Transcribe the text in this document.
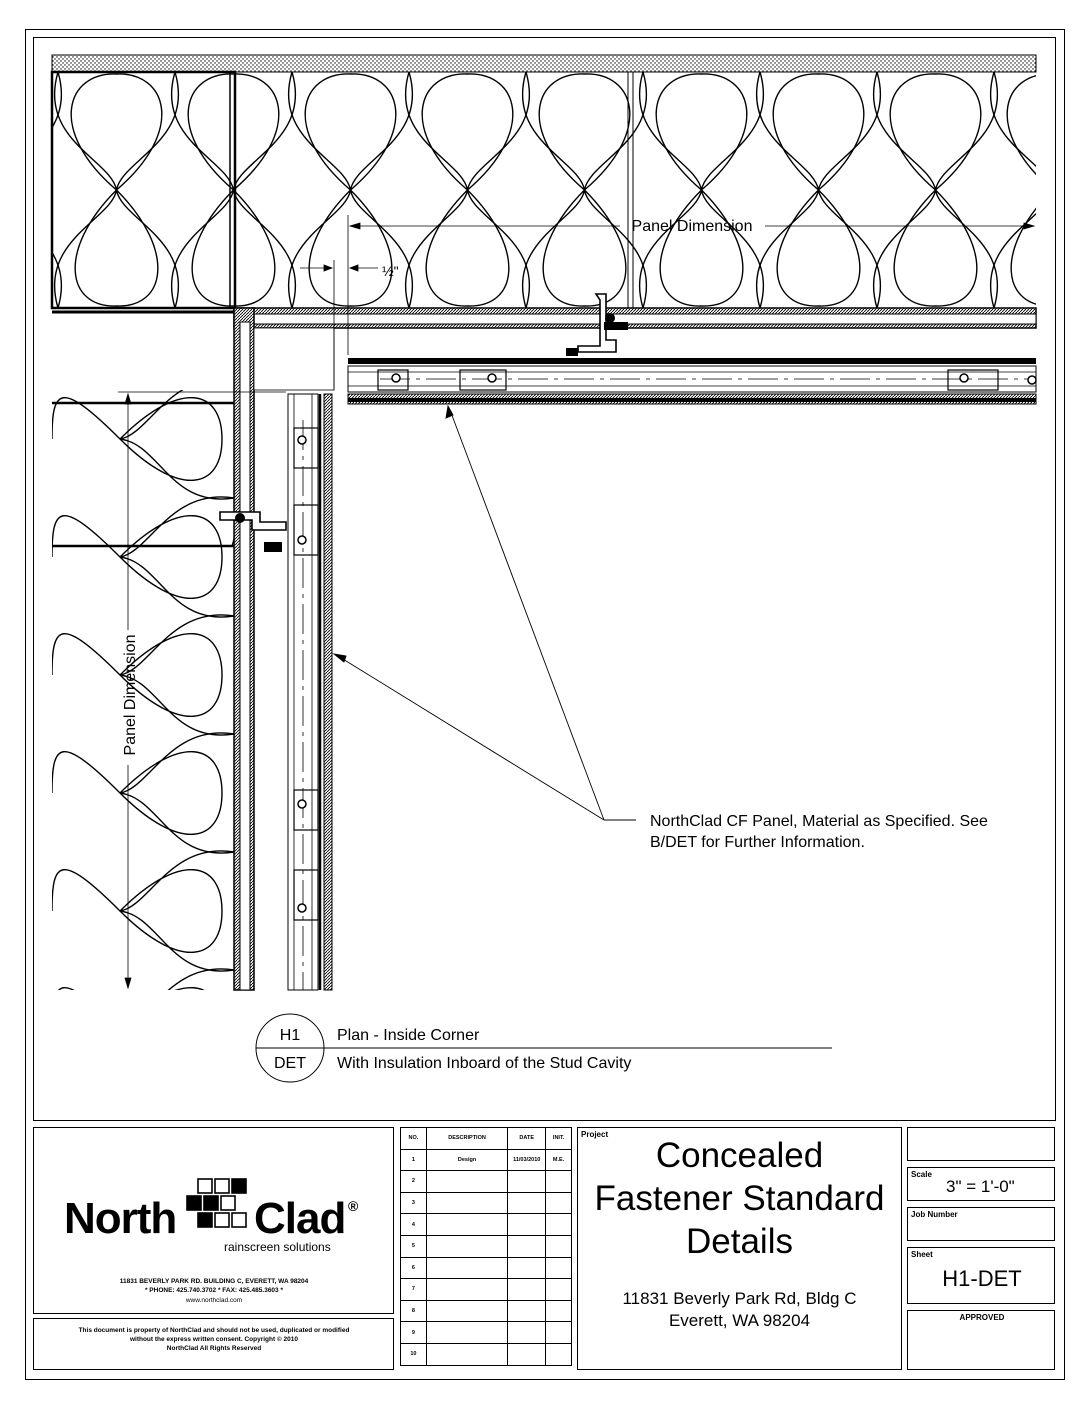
Panel Dimension
½"
Panel Dimension
NorthClad CF Panel, Material as Specified. See
B/DET for Further Information.
H1
DET
Plan - Inside Corner
With Insulation Inboard of the Stud Cavity
North Clad ®
rainscreen solutions
11831 BEVERLY PARK RD. BUILDING C, EVERETT, WA 98204
* PHONE: 425.740.3702 * FAX: 425.485.3603 *
www.northclad.com
This document is property of NorthClad and should not be used, duplicated or modified
without the express written consent. Copyright © 2010
NorthClad All Rights Reserved
NO.	DESCRIPTION	DATE	INIT.
1	Design	11/03/2010	M.E.
2			
3			
4			
5			
6			
7			
8			
9			
10			
Project
Concealed
Fastener Standard
Details
11831 Beverly Park Rd, Bldg C
Everett, WA 98204
Scale
3" = 1'-0"
Job Number
Sheet
H1-DET
APPROVED
